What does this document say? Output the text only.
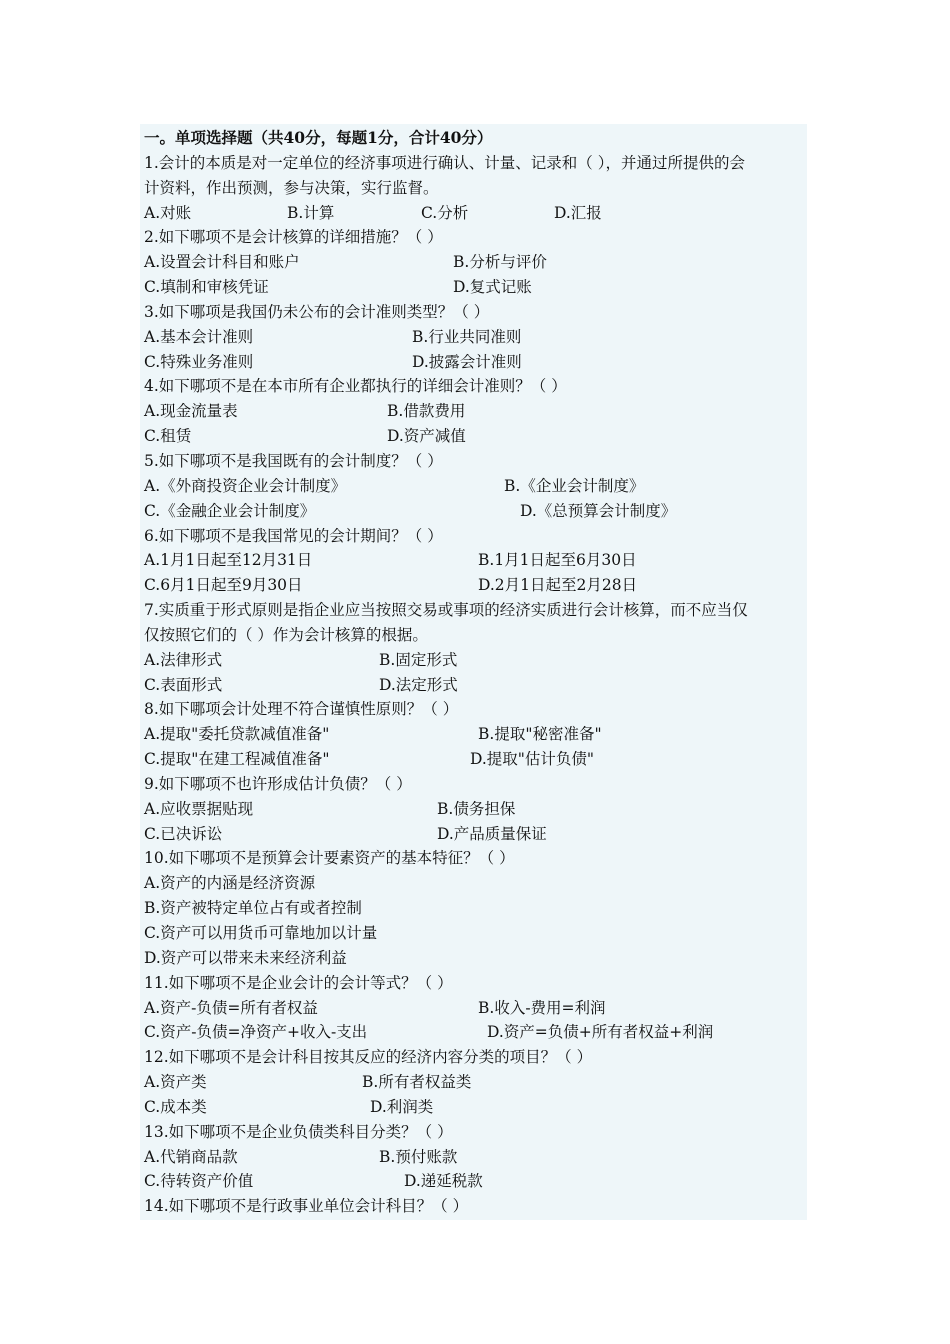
一。单项选择题（共40分，每题1分，合计40分）
1.会计的本质是对一定单位的经济事项进行确认、计量、记录和（ ），并通过所提供的会
计资料，作出预测，参与决策，实行监督。
A.对账	B.计算	C.分析	D.汇报
2.如下哪项不是会计核算的详细措施？（ ）
A.设置会计科目和账户	B.分析与评价
C.填制和审核凭证	D.复式记账
3.如下哪项是我国仍未公布的会计准则类型？（ ）
A.基本会计准则	B.行业共同准则
C.特殊业务准则	D.披露会计准则
4.如下哪项不是在本市所有企业都执行的详细会计准则？（ ）
A.现金流量表	B.借款费用
C.租赁	D.资产减值
5.如下哪项不是我国既有的会计制度？（ ）
A.《外商投资企业会计制度》	B.《企业会计制度》
C.《金融企业会计制度》	D.《总预算会计制度》
6.如下哪项不是我国常见的会计期间？（ ）
A.1月1日起至12月31日	B.1月1日起至6月30日
C.6月1日起至9月30日	D.2月1日起至2月28日
7.实质重于形式原则是指企业应当按照交易或事项的经济实质进行会计核算，而不应当仅
仅按照它们的（ ）作为会计核算的根据。
A.法律形式	B.固定形式
C.表面形式	D.法定形式
8.如下哪项会计处理不符合谨慎性原则？（ ）
A.提取"委托贷款减值准备"	B.提取"秘密准备"
C.提取"在建工程减值准备"	D.提取"估计负债"
9.如下哪项不也许形成估计负债？（ ）
A.应收票据贴现	B.债务担保
C.已决诉讼	D.产品质量保证
10.如下哪项不是预算会计要素资产的基本特征？（ ）
A.资产的内涵是经济资源
B.资产被特定单位占有或者控制
C.资产可以用货币可靠地加以计量
D.资产可以带来未来经济利益
11.如下哪项不是企业会计的会计等式？（ ）
A.资产-负债=所有者权益	B.收入-费用=利润
C.资产-负债=净资产+收入-支出	D.资产=负债+所有者权益+利润
12.如下哪项不是会计科目按其反应的经济内容分类的项目？（ ）
A.资产类	B.所有者权益类
C.成本类	D.利润类
13.如下哪项不是企业负债类科目分类？（ ）
A.代销商品款	B.预付账款
C.待转资产价值	D.递延税款
14.如下哪项不是行政事业单位会计科目？（ ）
